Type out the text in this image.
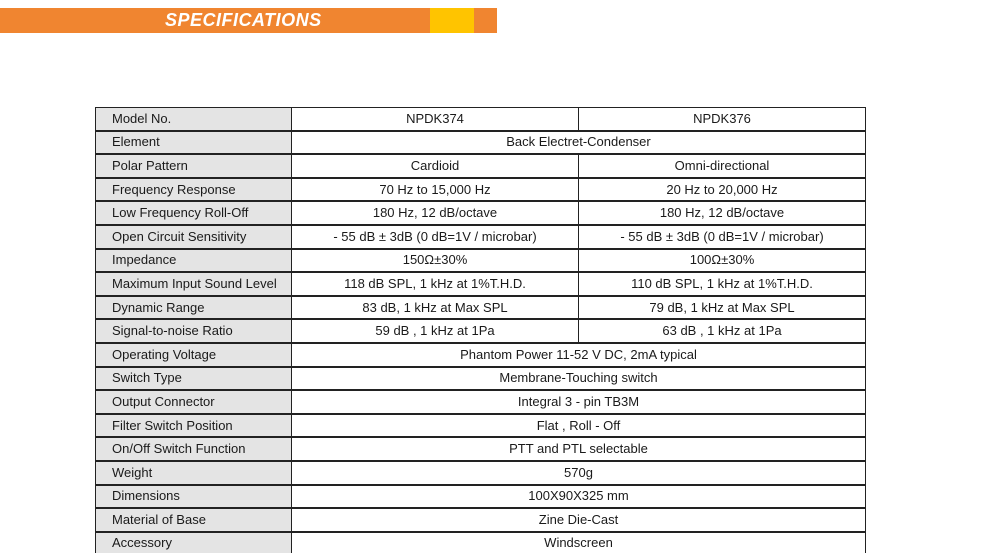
SPECIFICATIONS
Model No.	NPDK374	NPDK376
Element	Back Electret-Condenser	
Polar Pattern	Cardioid	Omni-directional
Frequency Response	70 Hz to 15,000 Hz	20 Hz to 20,000 Hz
Low Frequency Roll-Off	180 Hz, 12 dB/octave	180 Hz, 12 dB/octave
Open Circuit Sensitivity	- 55 dB ± 3dB (0 dB=1V / microbar)	- 55 dB ± 3dB (0 dB=1V / microbar)
Impedance	150Ω±30%	100Ω±30%
Maximum Input Sound Level	118 dB SPL, 1 kHz at 1%T.H.D.	110 dB SPL, 1 kHz at 1%T.H.D.
Dynamic Range	83 dB, 1 kHz at Max SPL	79 dB, 1 kHz at Max SPL
Signal-to-noise Ratio	59 dB , 1 kHz at 1Pa	63 dB , 1 kHz at 1Pa
Operating Voltage	Phantom Power 11-52 V DC, 2mA typical	
Switch Type	Membrane-Touching switch	
Output Connector	Integral 3 - pin TB3M	
Filter Switch Position	Flat , Roll - Off	
On/Off Switch Function	PTT and PTL selectable	
Weight	570g	
Dimensions	100X90X325 mm	
Material of Base	Zine Die-Cast	
Accessory	Windscreen	
